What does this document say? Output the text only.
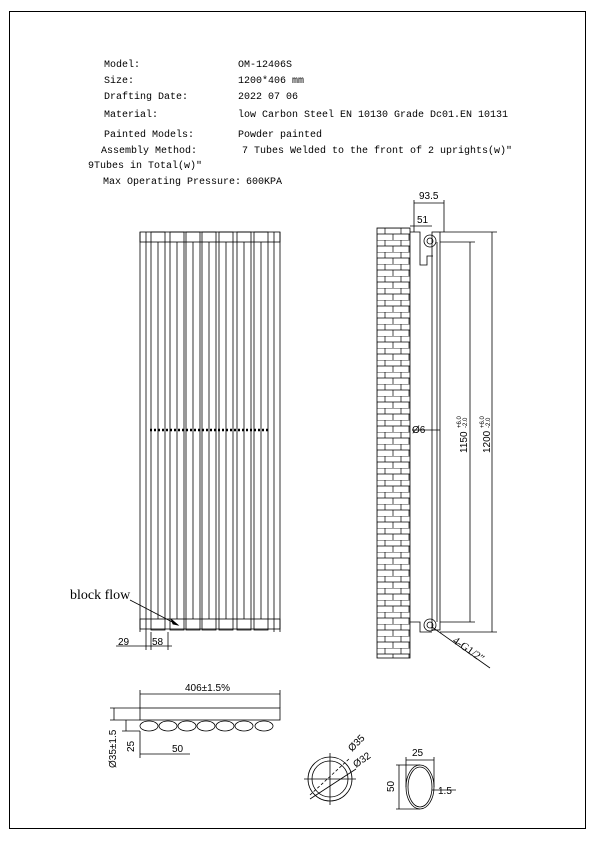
Model:	OM-12406S
Size:	1200*406 mm
Drafting Date:	2022 07 06
Material:	low Carbon Steel EN 10130 Grade Dc01.EN 10131
Painted Models:	Powder painted
Assembly Method:	7 Tubes Welded to the front of 2 uprights(w)ʺ
9Tubes in Total(w)ʺ
Max Operating Pressure: 600KPA
block flow
29 58
93.5
51
Ø6
1150
+6.0 -2.0
1200
+6.0 -2.0
4-G1/2ʺ
406±1.5%
Ø35±1.5 25	50	Ø35
Ø32	25
50	1.5
